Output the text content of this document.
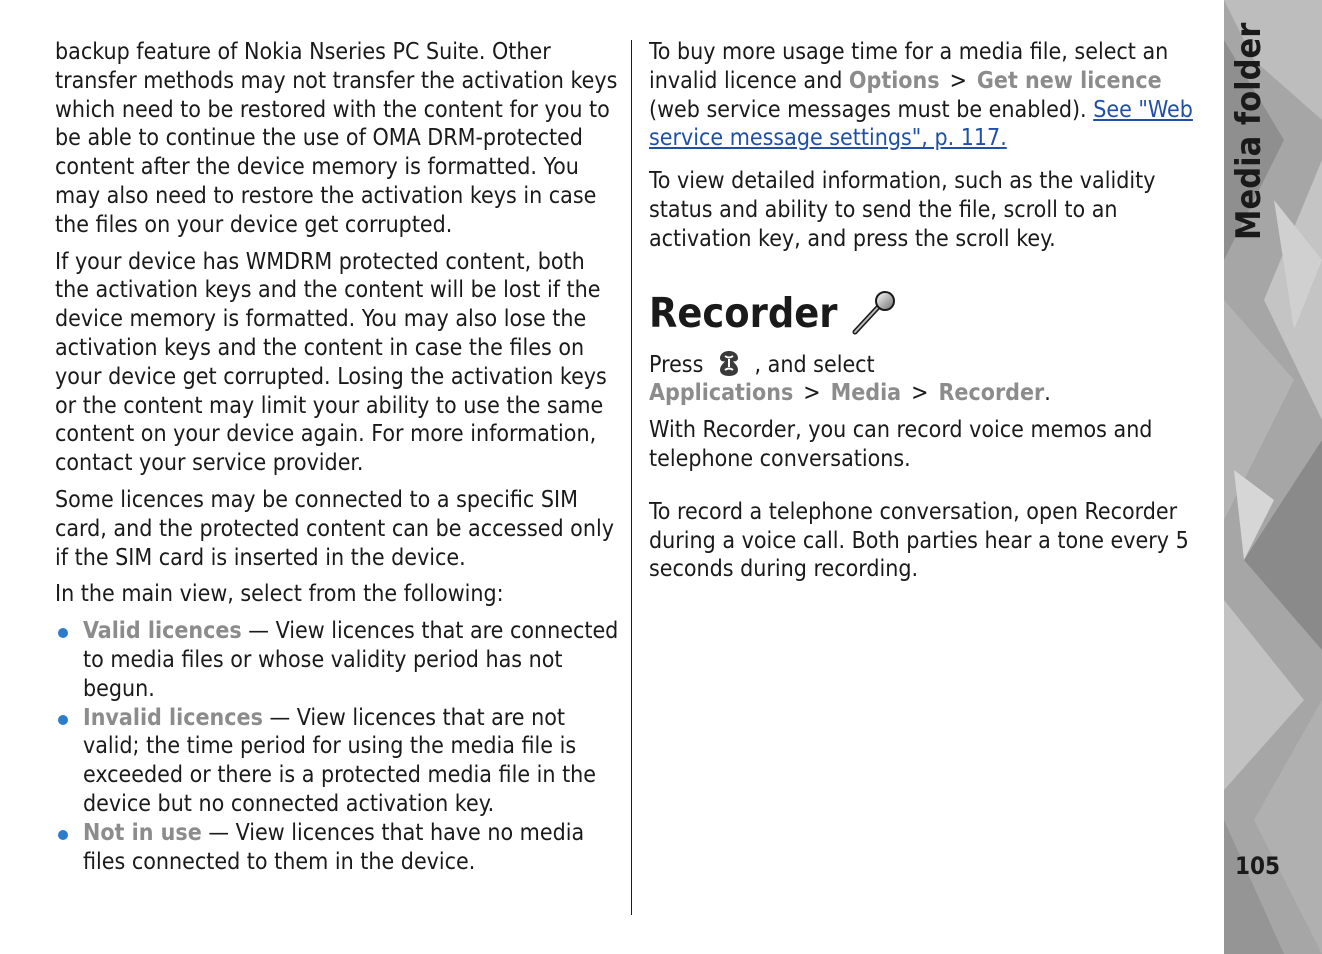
backup feature of Nokia Nseries PC Suite. Other transfer methods may not transfer the activation keys which need to be restored with the content for you to be able to continue the use of OMA DRM-protected content after the device memory is formatted. You may also need to restore the activation keys in case the files on your device get corrupted.

If your device has WMDRM protected content, both the activation keys and the content will be lost if the device memory is formatted. You may also lose the activation keys and the content in case the files on your device get corrupted. Losing the activation keys or the content may limit your ability to use the same content on your device again. For more information, contact your service provider.

Some licences may be connected to a specific SIM card, and the protected content can be accessed only if the SIM card is inserted in the device.

In the main view, select from the following:

Valid licences — View licences that are connected to media files or whose validity period has not begun.
Invalid licences — View licences that are not valid; the time period for using the media file is exceeded or there is a protected media file in the device but no connected activation key.
Not in use — View licences that have no media files connected to them in the device.

To buy more usage time for a media file, select an invalid licence and Options > Get new licence (web service messages must be enabled). See "Web service message settings", p. 117.

To view detailed information, such as the validity status and ability to send the file, scroll to an activation key, and press the scroll key.

Recorder

Press , and select Applications > Media > Recorder.

With Recorder, you can record voice memos and telephone conversations.

To record a telephone conversation, open Recorder during a voice call. Both parties hear a tone every 5 seconds during recording.

Media folder
105
